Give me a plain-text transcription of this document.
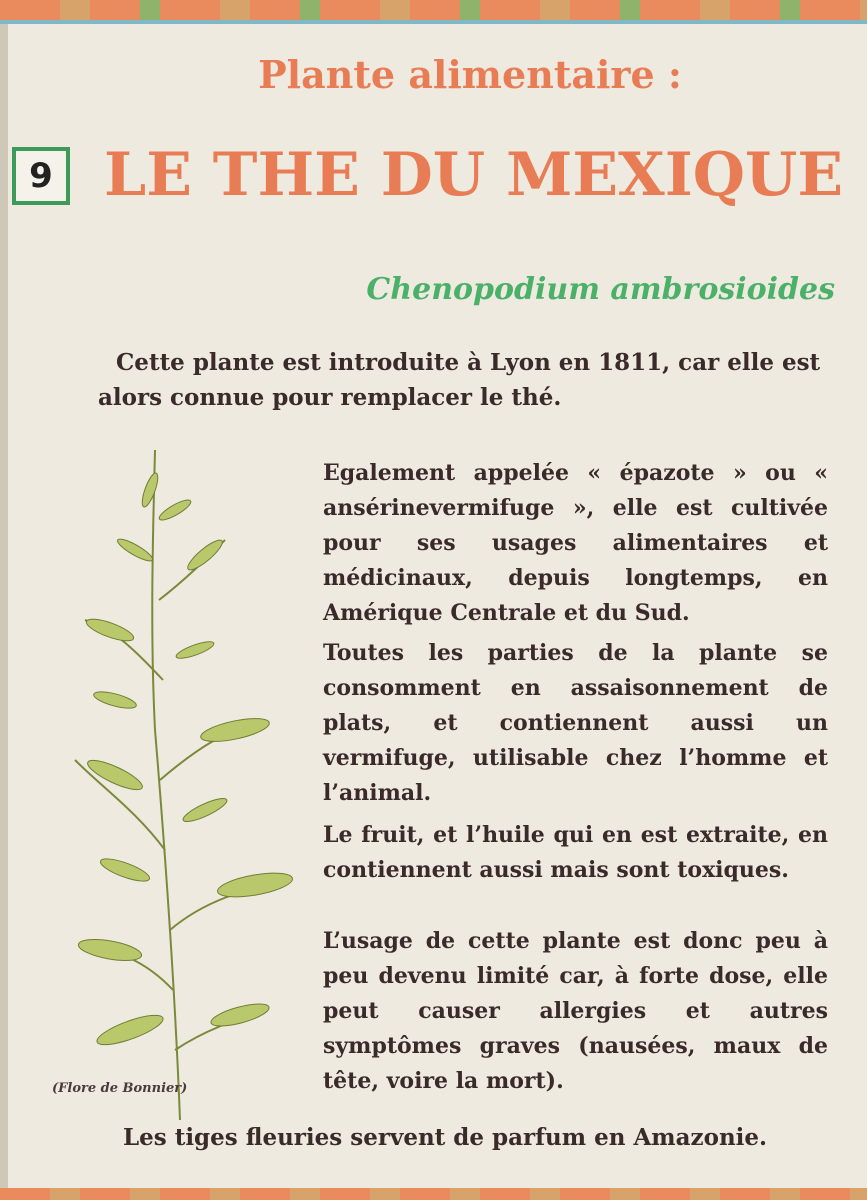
Plante alimentaire :
9 LE THE DU MEXIQUE
Chenopodium ambrosioides
Cette plante est introduite à Lyon en 1811, car elle est alors connue pour remplacer le thé.
Egalement appelée « épazote » ou « ansérinevermifuge », elle est cultivée pour ses usages alimentaires et médicinaux, depuis longtemps, en Amérique Centrale et du Sud.
Toutes les parties de la plante se consomment en assaisonnement de plats, et contiennent aussi un vermifuge, utilisable chez l’homme et l’animal.
Le fruit, et l’huile qui en est extraite, en contiennent aussi mais sont toxiques.
L’usage de cette plante est donc peu à peu devenu limité car, à forte dose, elle peut causer allergies et autres symptômes graves (nausées, maux de tête, voire la mort).
(Flore de Bonnier)
Les tiges fleuries servent de parfum en Amazonie.
